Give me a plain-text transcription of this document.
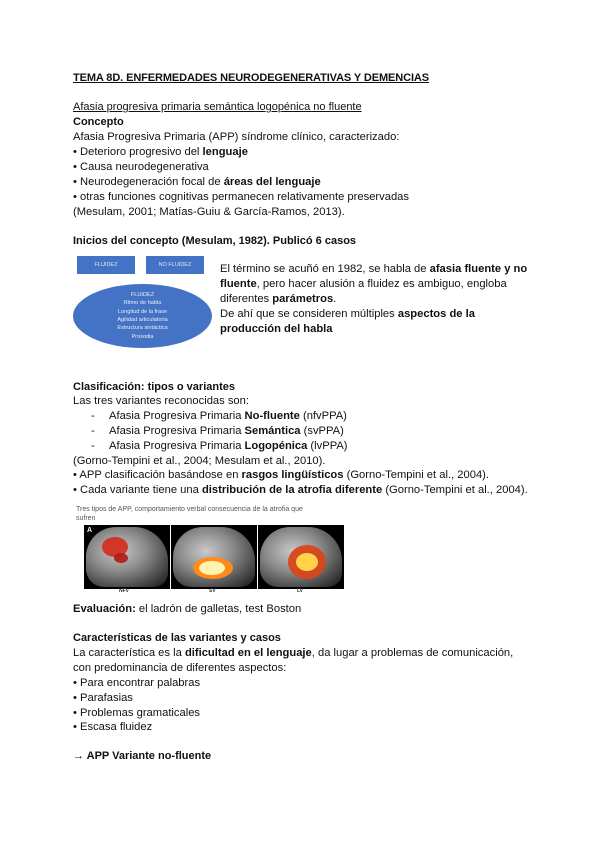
TEMA 8D. ENFERMEDADES NEURODEGENERATIVAS Y DEMENCIAS
Afasia progresiva primaria semántica logopénica no fluente
Concepto
Afasia Progresiva Primaria (APP) síndrome clínico, caracterizado:
• Deterioro progresivo del lenguaje
• Causa neurodegenerativa
• Neurodegeneración focal de áreas del lenguaje
• otras funciones cognitivas permanecen relativamente preservadas
(Mesulam, 2001; Matías-Guiu & García-Ramos, 2013).
Inicios del concepto (Mesulam, 1982). Publicó 6 casos
FLUIDEZ	NO FLUIDEZ
FLUIDEZ
Ritmo de habla
Longitud de la frase
Agilidad articulatoria
Estructura sintáctica
Prosodia
El término se acuñó en 1982, se habla de afasia fluente y no
fluente, pero hacer alusión a fluidez es ambiguo, engloba
diferentes parámetros.
De ahí que se consideren múltiples aspectos de la
producción del habla
Clasificación: tipos o variantes
Las tres variantes reconocidas son:
- Afasia Progresiva Primaria No-fluente (nfvPPA)
- Afasia Progresiva Primaria Semántica (svPPA)
- Afasia Progresiva Primaria Logopénica (lvPPA)
(Gorno-Tempini et al., 2004; Mesulam et al., 2010).
• APP clasificación basándose en rasgos lingüísticos (Gorno-Tempini et al., 2004).
• Cada variante tiene una distribución de la atrofia diferente (Gorno-Tempini et al., 2004).
Tres tipos de APP, comportamiento verbal consecuencia de la atrofia que
sufren
A
NFV	SV	LV
Evaluación: el ladrón de galletas, test Boston
Características de las variantes y casos
La característica es la dificultad en el lenguaje, da lugar a problemas de comunicación,
con predominancia de diferentes aspectos:
• Para encontrar palabras
• Parafasias
• Problemas gramaticales
• Escasa fluidez
→ APP Variante no-fluente
